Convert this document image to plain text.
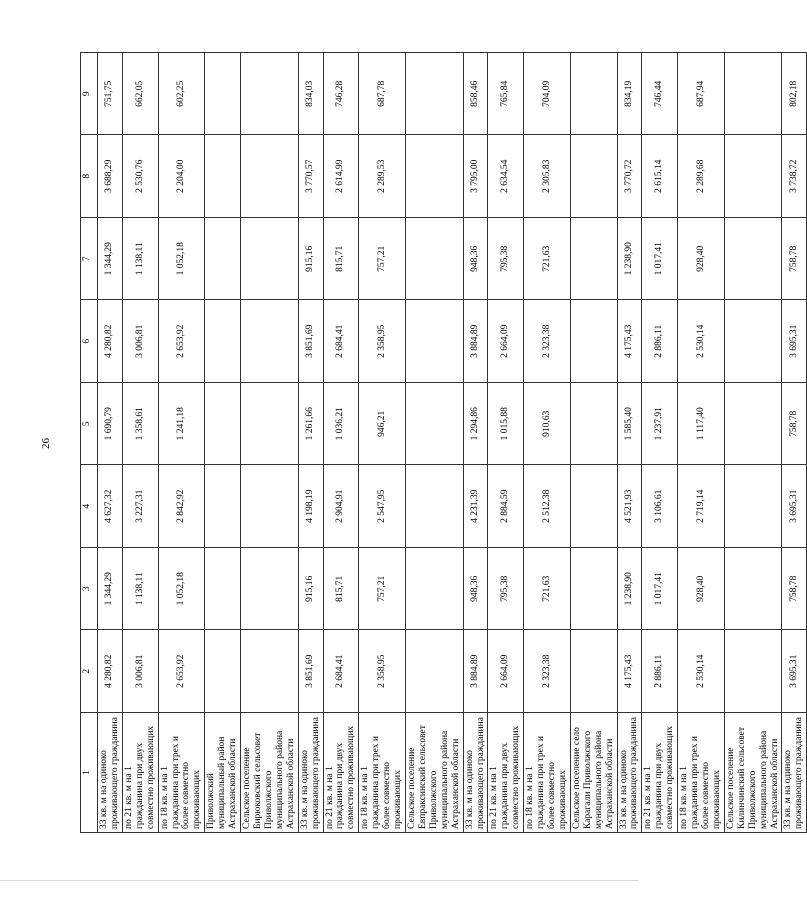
26
1	2	3	4	5	6	7	8	9
33 кв. м на одиноко проживающего гражданина	4 280,82	1 344,29	4 627,32	1 690,79	4 280,82	1 344,29	3 688,29	751,75
по 21 кв. м на 1 гражданина при двух совместно проживающих	3 006,81	1 138,11	3 227,31	1 358,61	3 006,81	1 138,11	2 530,76	662,05
по 18 кв. м на 1 гражданина при трех и более совместно проживающих	2 653,92	1 052,18	2 842,92	1 241,18	2 653,92	1 052,18	2 204,00	602,25
Приволжский муниципальный район Астраханской области								
Сельское поселение Бирюковский сельсовет Приволжского муниципального района Астраханской области								
33 кв. м на одиноко проживающего гражданина	3 851,69	915,16	4 198,19	1 261,66	3 851,69	915,16	3 770,57	834,03
по 21 кв. м на 1 гражданина при двух совместно проживающих	2 684,41	815,71	2 904,91	1 036,21	2 684,41	815,71	2 614,99	746,28
по 18 кв. м на 1 гражданина при трех и более совместно проживающих	2 358,95	757,21	2 547,95	946,21	2 358,95	757,21	2 289,53	687,78
Сельское поселение Евпраксинский сельсовет Приволжского муниципального района Астраханской области								
33 кв. м на одиноко проживающего гражданина	3 884,89	948,36	4 231,39	1 294,86	3 884,89	948,36	3 795,00	858,46
по 21 кв. м на 1 гражданина при двух совместно проживающих	2 664,09	795,38	2 884,59	1 015,88	2 664,09	795,38	2 634,54	765,84
по 18 кв. м на 1 гражданина при трех и более совместно проживающих	2 323,38	721,63	2 512,38	910,63	2 323,38	721,63	2 305,83	704,09
Сельское поселение село Карагали Приволжского муниципального района Астраханской области								
33 кв. м на одиноко проживающего гражданина	4 175,43	1 238,90	4 521,93	1 585,40	4 175,43	1 238,90	3 770,72	834,19
по 21 кв. м на 1 гражданина при двух совместно проживающих	2 886,11	1 017,41	3 106,61	1 237,91	2 886,11	1 017,41	2 615,14	746,44
по 18 кв. м на 1 гражданина при трех и более совместно проживающих	2 530,14	928,40	2 719,14	1 117,40	2 530,14	928,40	2 289,68	687,94
Сельское поселение Килинчинский сельсовет Приволжского муниципального района Астраханской области								
33 кв. м на одиноко проживающего гражданина	3 695,31	758,78	3 695,31	758,78	3 695,31	758,78	3 738,72	802,18
